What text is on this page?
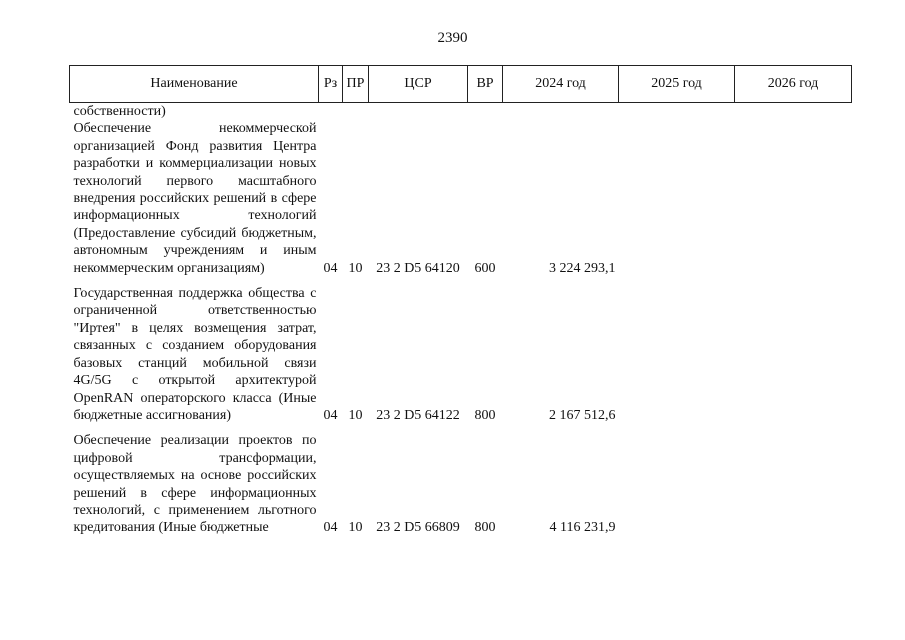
2390
Наименование	Рз	ПР	ЦСР	ВР	2024 год	2025 год	2026 год
собственности)							
Обеспечение некоммерческой организацией Фонд развития Центра разработки и коммерциализации новых технологий первого масштабного внедрения российских решений в сфере информационных технологий (Предоставление субсидий бюджетным, автономным учреждениям и иным некоммерческим организациям)	04	10	23 2 D5 64120	600	3 224 293,1		
Государственная поддержка общества с ограниченной ответственностью "Иртея" в целях возмещения затрат, связанных с созданием оборудования базовых станций мобильной связи 4G/5G с открытой архитектурой OpenRAN операторского класса (Иные бюджетные ассигнования)	04	10	23 2 D5 64122	800	2 167 512,6		
Обеспечение реализации проектов по цифровой трансформации, осуществляемых на основе российских решений в сфере информационных технологий, с применением льготного кредитования (Иные бюджетные	04	10	23 2 D5 66809	800	4 116 231,9		
